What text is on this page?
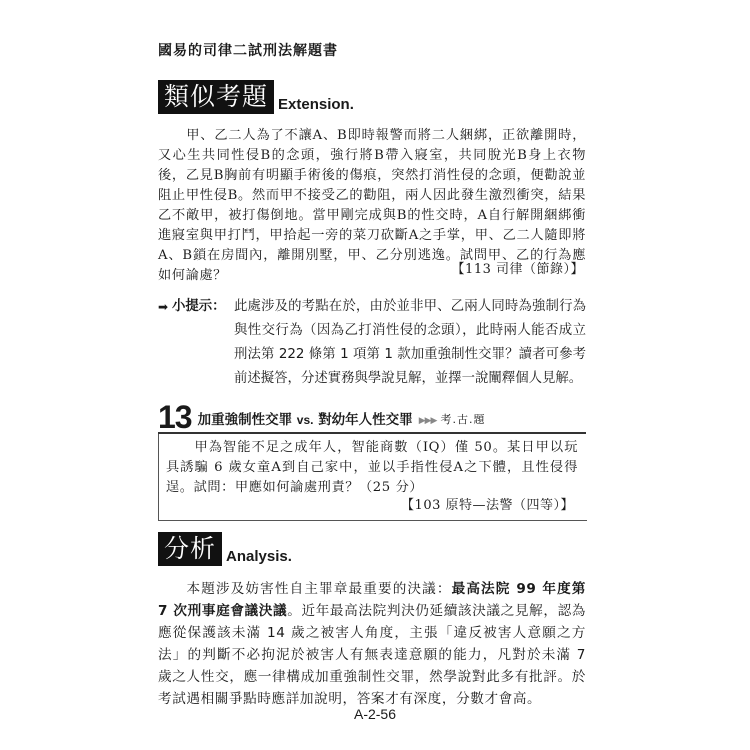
國易的司律二試刑法解題書
類似考題 Extension.

甲、乙二人為了不讓A、B即時報警而將二人綑綁，正欲離開時，又心生共同性侵B的念頭，強行將B帶入寢室，共同脫光B身上衣物後，乙見B胸前有明顯手術後的傷痕，突然打消性侵的念頭，便勸說並阻止甲性侵B。然而甲不接受乙的勸阻，兩人因此發生激烈衝突，結果乙不敵甲，被打傷倒地。當甲剛完成與B的性交時，A自行解開綑綁衝進寢室與甲打鬥，甲拾起一旁的菜刀砍斷A之手掌，甲、乙二人隨即將A、B鎖在房間內，離開別墅，甲、乙分別逃逸。試問甲、乙的行為應如何論處？	【113 司律（節錄）】
➡ 小提示： 此處涉及的考點在於，由於並非甲、乙兩人同時為強制行為與性交行為（因為乙打消性侵的念頭），此時兩人能否成立刑法第 222 條第 1 項第 1 款加重強制性交罪？讀者可參考前述擬答，分述實務與學說見解，並擇一說闡釋個人見解。
13 加重強制性交罪 vs. 對幼年人性交罪 ▶▶▶ 考.古.題

甲為智能不足之成年人，智能商數（IQ）僅 50。某日甲以玩具誘騙 6 歲女童A到自己家中，並以手指性侵A之下體，且性侵得逞。試問：甲應如何論處刑責？（25 分）

【103 原特—法警（四等）】
分析 Analysis.

本題涉及妨害性自主罪章最重要的決議：最高法院 99 年度第 7 次刑事庭會議決議。近年最高法院判決仍延續該決議之見解，認為應從保護該未滿 14 歲之被害人角度，主張「違反被害人意願之方法」的判斷不必拘泥於被害人有無表達意願的能力，凡對於未滿 7 歲之人性交，應一律構成加重強制性交罪，然學說對此多有批評。於考試遇相關爭點時應詳加說明，答案才有深度，分數才會高。

A-2-56
